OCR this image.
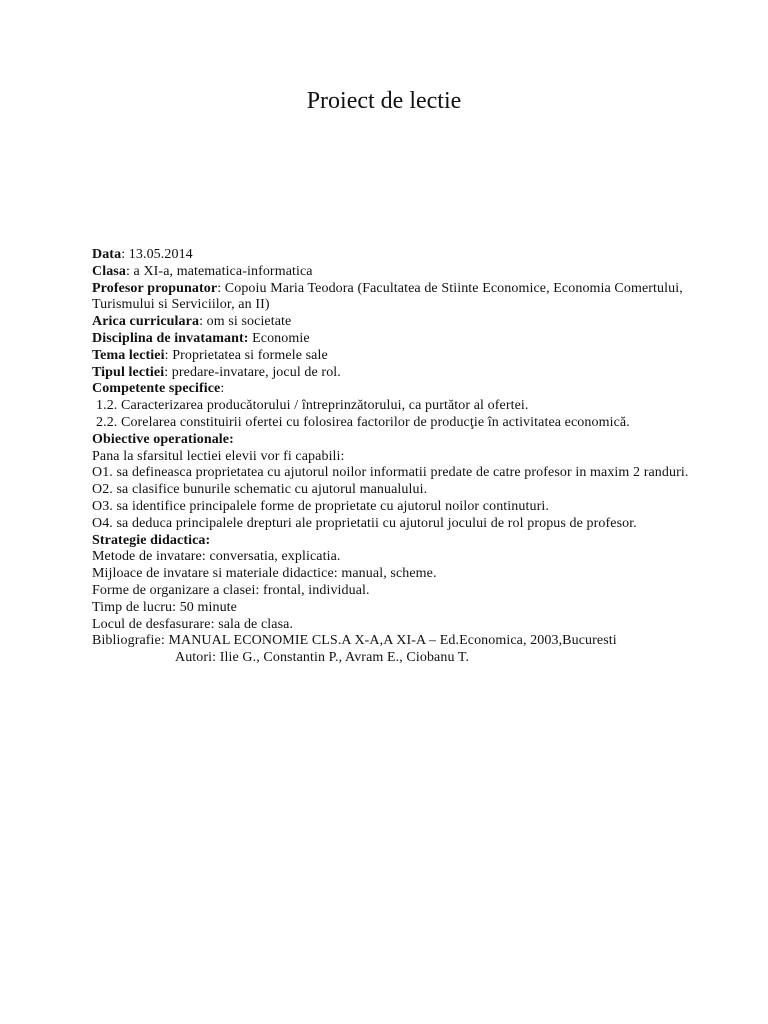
Proiect de lectie
Data: 13.05.2014
Clasa: a XI-a, matematica-informatica
Profesor propunator: Copoiu Maria Teodora (Facultatea de Stiinte Economice, Economia Comertului, Turismului si Serviciilor, an II)
Arica curriculara: om si societate
Disciplina de invatamant: Economie
Tema lectiei: Proprietatea si formele sale
Tipul lectiei: predare-invatare, jocul de rol.
Competente specifice:
1.2. Caracterizarea producătorului / întreprinzătorului, ca purtător al ofertei.
2.2. Corelarea constituirii ofertei cu folosirea factorilor de producţie în activitatea economică.
Obiective operationale:
Pana la sfarsitul lectiei elevii vor fi capabili:
O1. sa defineasca proprietatea cu ajutorul noilor informatii predate de catre profesor in maxim 2 randuri.
O2. sa clasifice bunurile schematic cu ajutorul manualului.
O3. sa identifice principalele forme de proprietate cu ajutorul noilor continuturi.
O4. sa deduca principalele drepturi ale proprietatii cu ajutorul jocului de rol propus de profesor.
Strategie didactica:
Metode de invatare: conversatia, explicatia.
Mijloace de invatare si materiale didactice: manual, scheme.
Forme de organizare a clasei: frontal, individual.
Timp de lucru: 50 minute
Locul de desfasurare: sala de clasa.
Bibliografie: MANUAL ECONOMIE CLS.A X-A,A XI-A – Ed.Economica, 2003,Bucuresti
Autori: Ilie G., Constantin P., Avram E., Ciobanu T.
